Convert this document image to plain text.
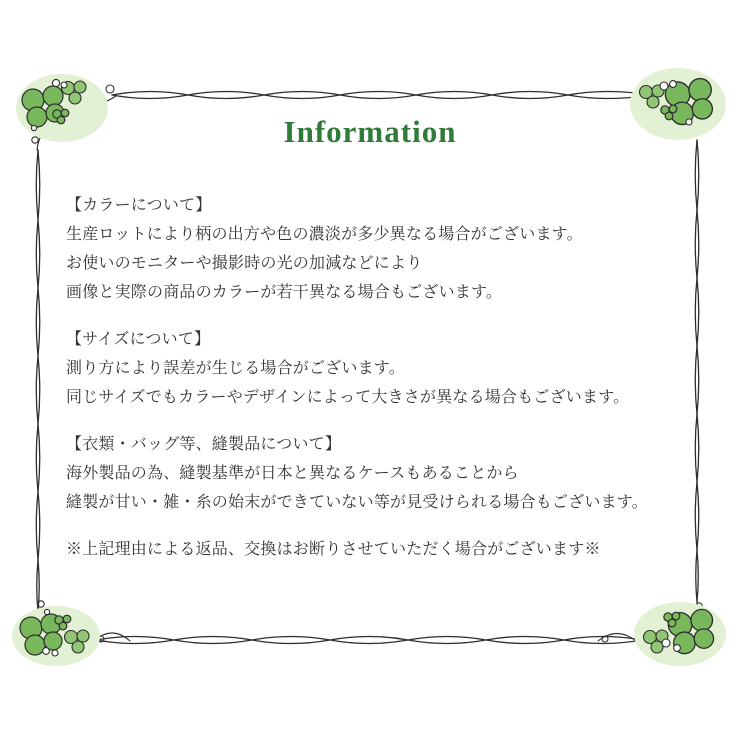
Information
【カラーについて】
生産ロットにより柄の出方や色の濃淡が多少異なる場合がございます。
お使いのモニターや撮影時の光の加減などにより
画像と実際の商品のカラーが若干異なる場合もございます。
【サイズについて】
測り方により誤差が生じる場合がございます。
同じサイズでもカラーやデザインによって大きさが異なる場合もございます。
【衣類・バッグ等、縫製品について】
海外製品の為、縫製基準が日本と異なるケースもあることから
縫製が甘い・雑・糸の始末ができていない等が見受けられる場合もございます。
※上記理由による返品、交換はお断りさせていただく場合がございます※
